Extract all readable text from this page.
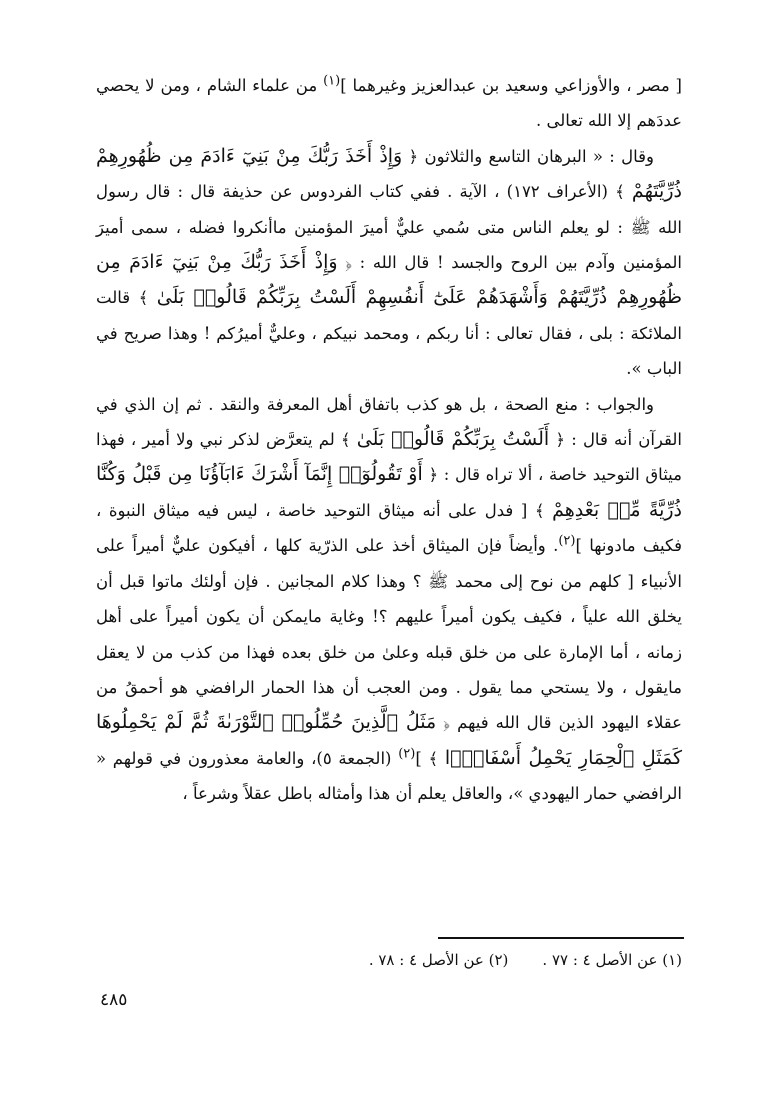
[ مصر ، والأوزاعي وسعيد بن عبدالعزيز وغيرهما ]$^{(١)}$ من علماء الشام ، ومن لا يحصي عددَهم إلا الله تعالى .

وقال : « البرهان التاسع والثلاثون ﴿ وَإِذْ أَخَذَ رَبُّكَ مِنْ بَنِيٓ ءَادَمَ مِن ظُهُورِهِمْ ذُرِّيَّتَهُمْ ﴾ (الأعراف ١٧٢) ، الآية . ففي كتاب الفردوس عن حذيفة قال : قال رسول الله ﷺ : لو يعلم الناس متى سُمي عليٌّ أميرَ المؤمنين ماأنكروا فضله ، سمى أميرَ المؤمنين وآدم بين الروح والجسد ! قال الله : ﴿ وَإِذْ أَخَذَ رَبُّكَ مِنْ بَنِيٓ ءَادَمَ مِن ظُهُورِهِمْ ذُرِّيَّتَهُمْ وَأَشْهَدَهُمْ عَلَىٰٓ أَنفُسِهِمْ أَلَسْتُ بِرَبِّكُمْ قَالُوا۟ بَلَىٰ ﴾ قالت الملائكة : بلى ، فقال تعالى : أنا ربكم ، ومحمد نبيكم ، وعليٌّ أميرُكم ! وهذا صريح في الباب ».

والجواب : منع الصحة ، بل هو كذب باتفاق أهل المعرفة والنقد . ثم إن الذي في القرآن أنه قال : ﴿ أَلَسْتُ بِرَبِّكُمْ قَالُوا۟ بَلَىٰ ﴾ لم يتعرَّض لذكر نبي ولا أمير ، فهذا ميثاق التوحيد خاصة ، ألا تراه قال : ﴿ أَوْ تَقُولُوٓا۟ إِنَّمَآ أَشْرَكَ ءَابَآؤُنَا مِن قَبْلُ وَكُنَّا ذُرِّيَّةً مِّنۢ بَعْدِهِمْ ﴾ [ فدل على أنه ميثاق التوحيد خاصة ، ليس فيه ميثاق النبوة ، فكيف مادونها ]$^{(٢)}$. وأيضاً فإن الميثاق أخذ على الذرّية كلها ، أفيكون عليٌّ أميراً على الأنبياء [ كلهم من نوح إلى محمد ﷺ ؟ وهذا كلام المجانين . فإن أولئك ماتوا قبل أن يخلق الله علياً ، فكيف يكون أميراً عليهم ؟! وغاية مايمكن أن يكون أميراً على أهل زمانه ، أما الإمارة على من خلق قبله وعلىٰ من خلق بعده فهذا من كذب من لا يعقل مايقول ، ولا يستحي مما يقول . ومن العجب أن هذا الحمار الرافضي هو أحمقُ من عقلاء اليهود الذين قال الله فيهم ﴿ مَثَلُ ٱلَّذِينَ حُمِّلُوا۟ ٱلتَّوْرَىٰةَ ثُمَّ لَمْ يَحْمِلُوهَا كَمَثَلِ ٱلْحِمَارِ يَحْمِلُ أَسْفَارًۢا ﴾ ]$^{(٢)}$ (الجمعة ٥)، والعامة معذورون في قولهم « الرافضي حمار اليهودي »، والعاقل يعلم أن هذا وأمثاله باطل عقلاً وشرعاً ،

(١) عن الأصل ٤ : ٧٧ .(٢) عن الأصل ٤ : ٧٨ .
٤٨٥
